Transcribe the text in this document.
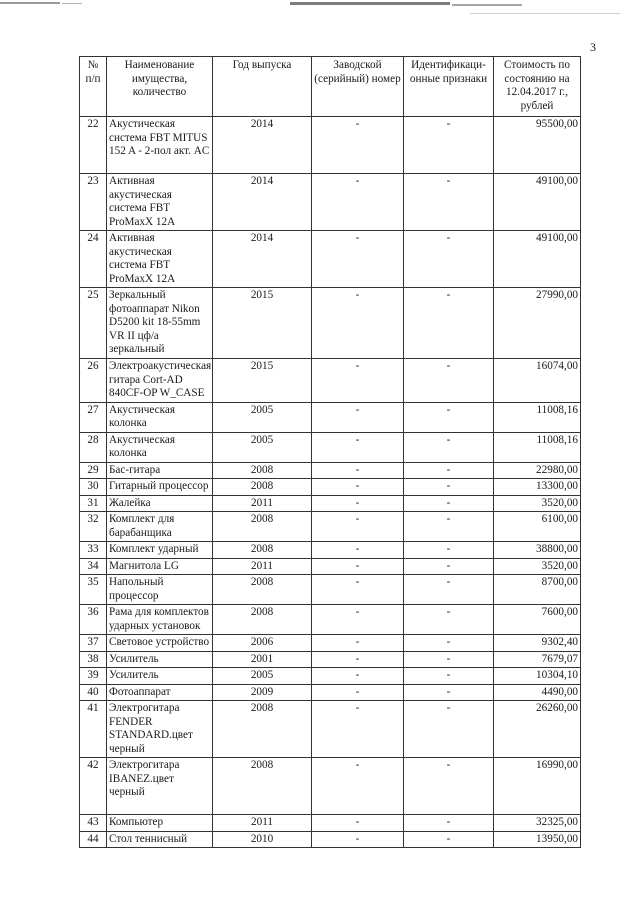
3
№ п/п	Наименование имущества, количество	Год выпуска	Заводской (серийный) номер	Идентификаци-онные признаки	Стоимость по состоянию на 12.04.2017 г., рублей
22	Акустическая система FBT MITUS 152 A - 2-пол акт. AC	2014	-	-	95500,00
23	Активная акустическая система FBT ProMaxX 12A	2014	-	-	49100,00
24	Активная акустическая система FBT ProMaxX 12A	2014	-	-	49100,00
25	Зеркальный фотоаппарат Nikon D5200 kit 18-55mm VR II цф/а зеркальный	2015	-	-	27990,00
26	Электроакустическая гитара Cort-AD 840CF-OP W_CASE	2015	-	-	16074,00
27	Акустическая колонка	2005	-	-	11008,16
28	Акустическая колонка	2005	-	-	11008,16
29	Бас-гитара	2008	-	-	22980,00
30	Гитарный процессор	2008	-	-	13300,00
31	Жалейка	2011	-	-	3520,00
32	Комплект для барабанщика	2008	-	-	6100,00
33	Комплект ударный	2008	-	-	38800,00
34	Магнитола LG	2011	-	-	3520,00
35	Напольный процессор	2008	-	-	8700,00
36	Рама для комплектов ударных установок	2008	-	-	7600,00
37	Световое устройство	2006	-	-	9302,40
38	Усилитель	2001	-	-	7679,07
39	Усилитель	2005	-	-	10304,10
40	Фотоаппарат	2009	-	-	4490,00
41	Электрогитара FENDER STANDARD.цвет черный	2008	-	-	26260,00
42	Электрогитара IBANEZ.цвет черный	2008	-	-	16990,00
43	Компьютер	2011	-	-	32325,00
44	Стол теннисный	2010	-	-	13950,00
